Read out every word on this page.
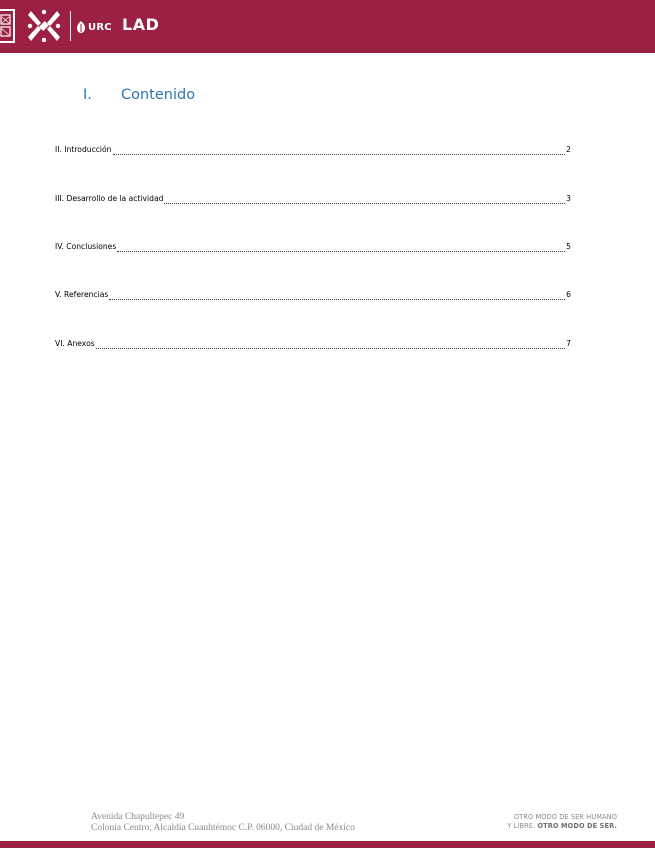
URC LAD
I.	Contenido
II. Introducción	2
III. Desarrollo de la actividad	3
IV. Conclusiones	5
V. Referencias	6
VI. Anexos	7
Avenida Chapultepec 49
Colonia Centro, Alcaldía Cuauhtémoc C.P. 06000, Ciudad de México
OTRO MODO DE SER HUMANO
Y LIBRE. OTRO MODO DE SER.
